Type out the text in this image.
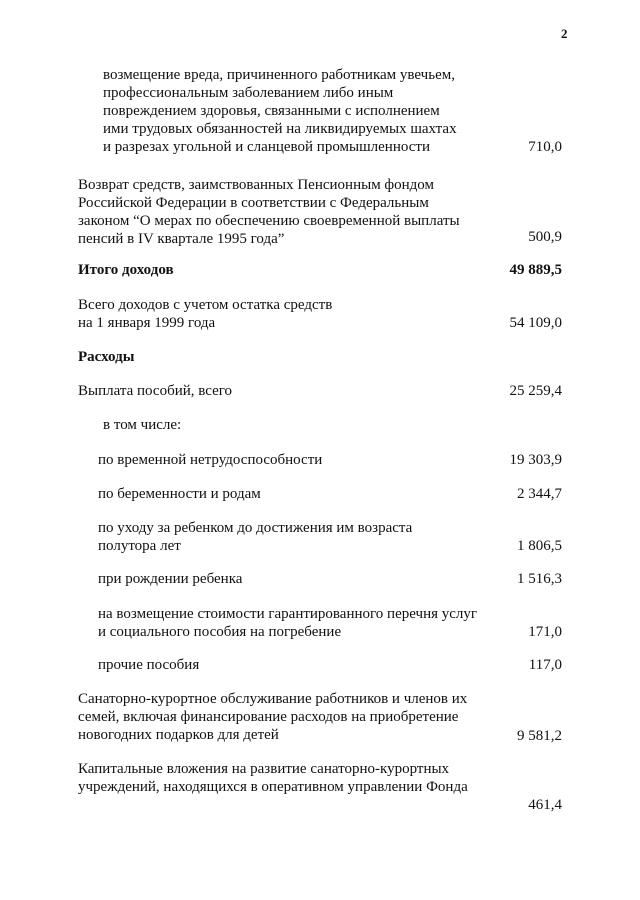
2
возмещение вреда, причиненного работникам увечьем,
профессиональным заболеванием либо иным
повреждением здоровья, связанными с исполнением
ими трудовых обязанностей на ликвидируемых шахтах
и разрезах угольной и сланцевой промышленности	710,0
Возврат средств, заимствованных Пенсионным фондом
Российской Федерации в соответствии с Федеральным
законом “О мерах по обеспечению своевременной выплаты
пенсий в IV квартале 1995 года”	500,9
Итого доходов	49 889,5
Всего доходов с учетом остатка средств
на 1 января 1999 года	54 109,0
Расходы
Выплата пособий, всего	25 259,4
в том числе:
по временной нетрудоспособности	19 303,9
по беременности и родам	2 344,7
по уходу за ребенком до достижения им возраста
полутора лет	1 806,5
при рождении ребенка	1 516,3
на возмещение стоимости гарантированного перечня услуг
и социального пособия на погребение	171,0
прочие пособия	117,0
Санаторно-курортное обслуживание работников и членов их
семей, включая финансирование расходов на приобретение
новогодних подарков для детей	9 581,2
Капитальные вложения на развитие санаторно-курортных
учреждений, находящихся в оперативном управлении Фонда
461,4
